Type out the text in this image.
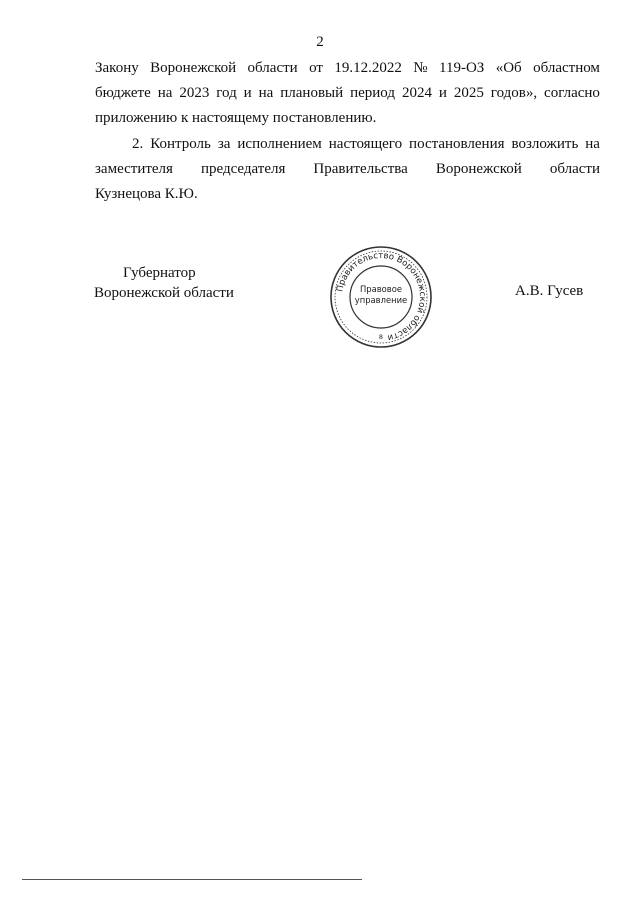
2
Закону Воронежской области от 19.12.2022 № 119-ОЗ «Об областном
бюджете на 2023 год и на плановый период 2024 и 2025 годов», согласно
приложению к настоящему постановлению.
2. Контроль за исполнением настоящего постановления возложить на
заместителя председателя Правительства Воронежской области
Кузнецова К.Ю.
Губернатор
Воронежской области	Правительство Воронежской области
Правовое
управление
8
А.В. Гусев
